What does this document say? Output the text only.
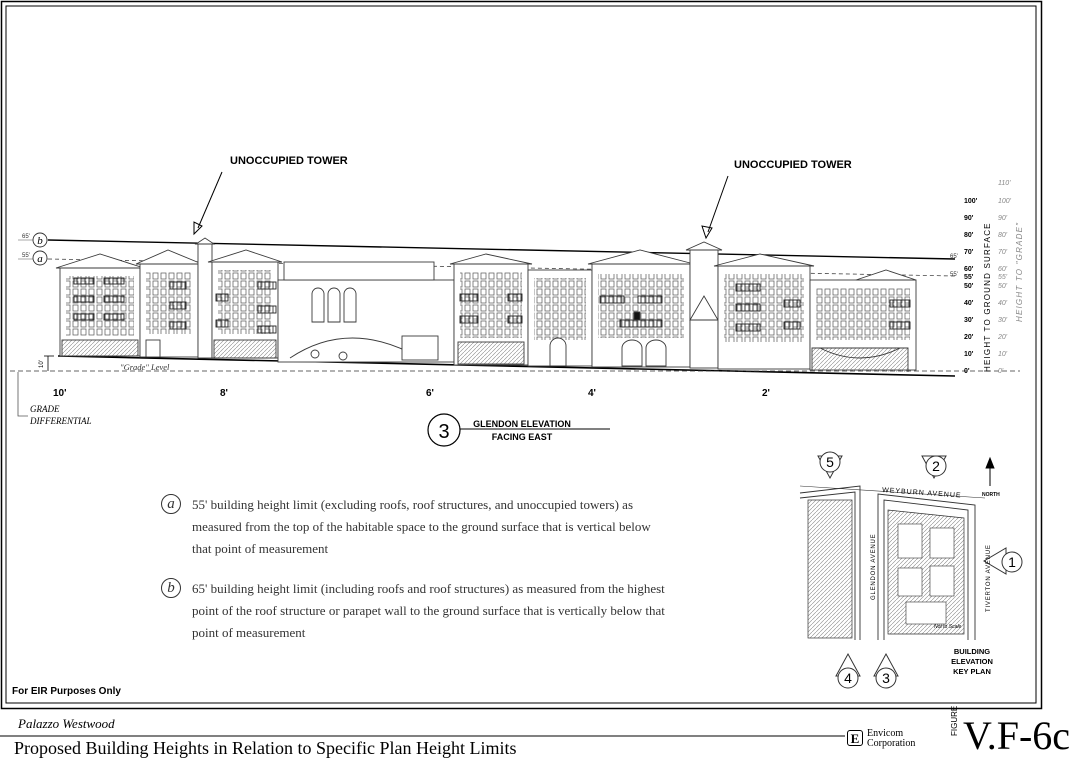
b
a
65'
55'	65'
55'
UNOCCUPIED TOWER	UNOCCUPIED TOWER
10'	"Grade" Level
GRADE
DIFFERENTIAL
10'	8'	6'	4'	2'
100'
90'
80'
70'
60'
55'
50'
40'
30'
20'
10'
0' HEIGHT TO GROUND SURFACE
110'
100'
90'
80'
70'
60'
55'
50'
40'
30'
20'
10'
0'
HEIGHT TO "GRADE"
3	GLENDON ELEVATION
FACING EAST
5	2
1
4 3
NORTH
WEYBURN AVENUE
GLENDON AVENUE	TIVERTON AVENUE
Not to Scale
BUILDING
ELEVATION
KEY PLAN
a	55' building height limit (excluding roofs, roof structures, and unoccupied towers) as
measured from the top of the habitable space to the ground surface that is vertical below
that point of measurement
b	65' building height limit (including roofs and roof structures) as measured from the highest
point of the roof structure or parapet wall to the ground surface that is vertically below that
point of measurement
For EIR Purposes Only
Palazzo Westwood
Proposed Building Heights in Relation to Specific Plan Height Limits	E Envicom
Corporation
FIGURE V.F-6c
